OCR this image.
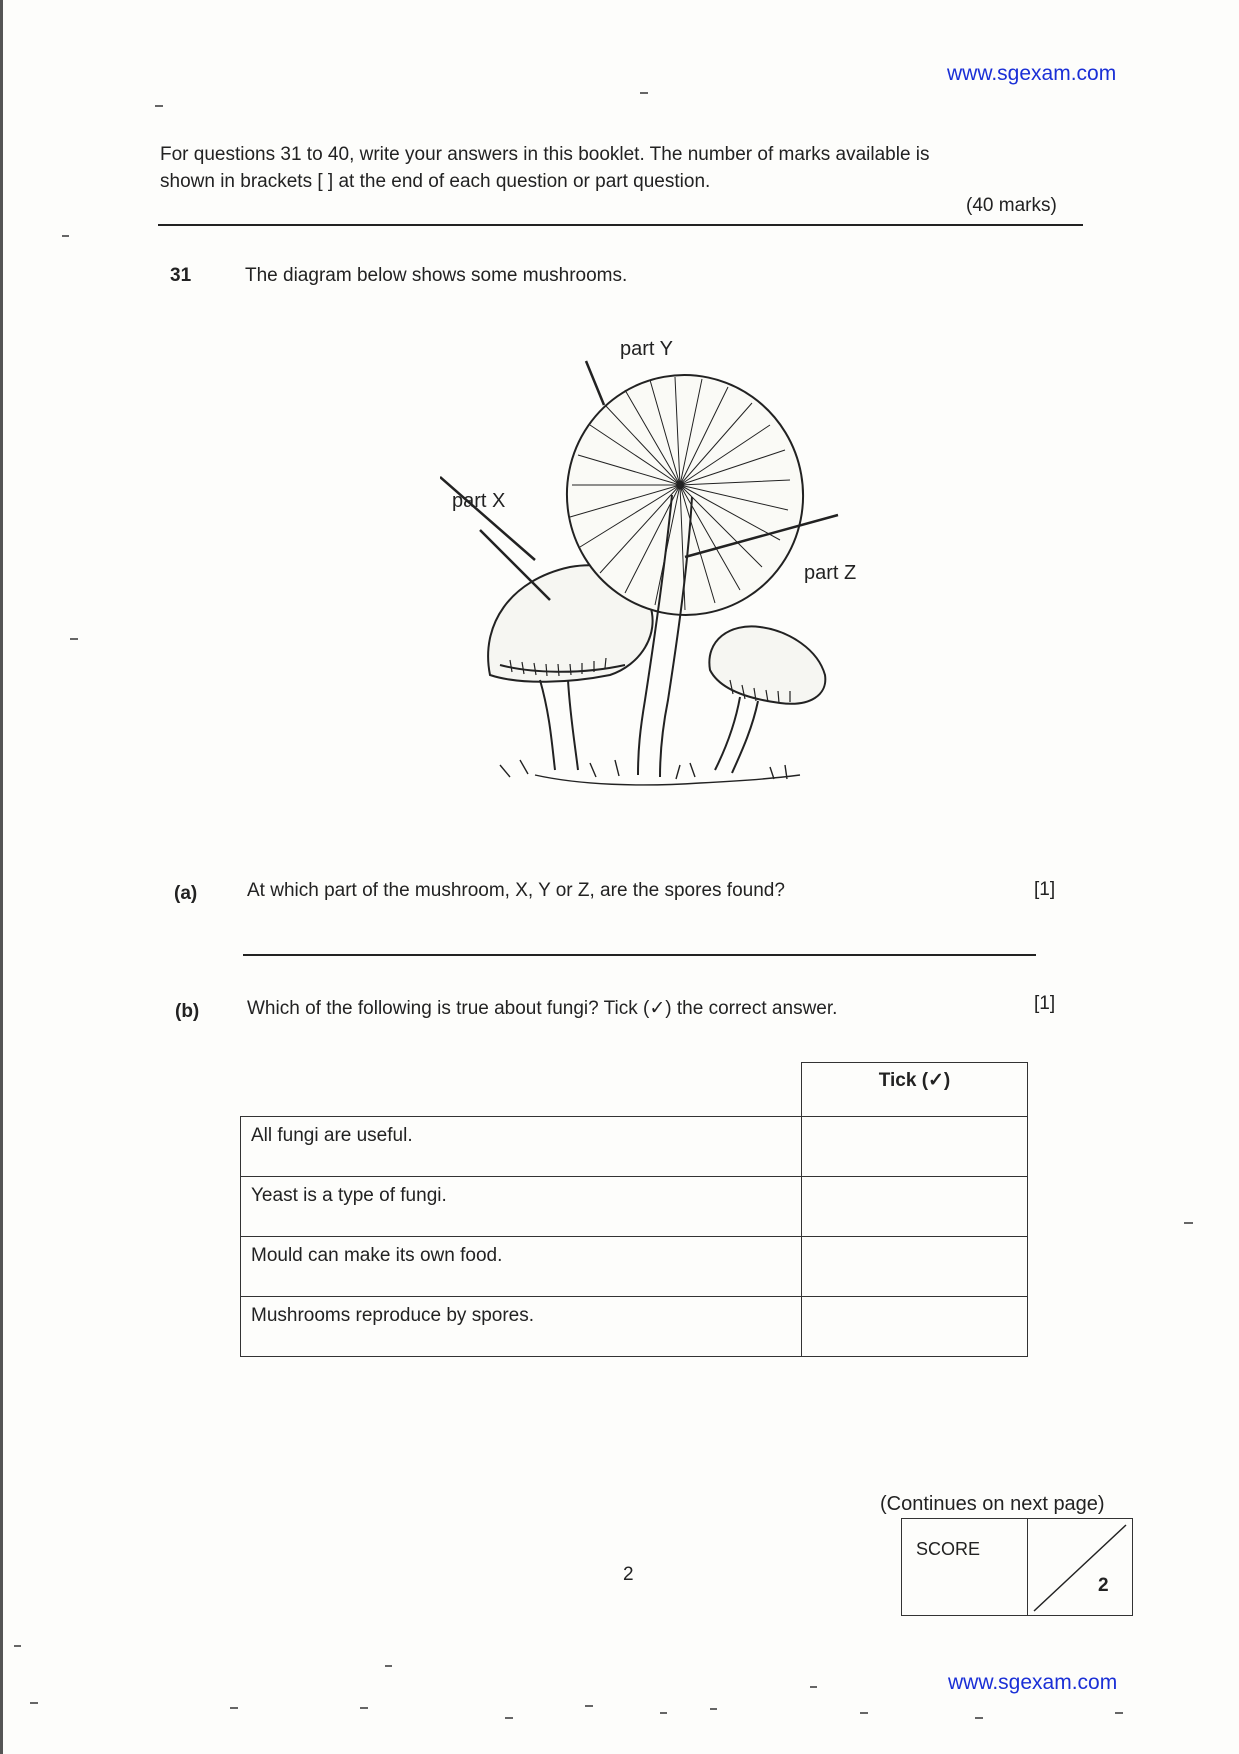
www.sgexam.com
For questions 31 to 40, write your answers in this booklet. The number of marks available is
shown in brackets [ ] at the end of each question or part question.
(40 marks)
31	The diagram below shows some mushrooms.
part Y
part X
part Z
(a)	At which part of the mushroom, X, Y or Z, are the spores found?	[1]
(b)	Which of the following is true about fungi? Tick (✓) the correct answer.	[1]
	Tick (✓)
All fungi are useful.	
Yeast is a type of fungi.	
Mould can make its own food.	
Mushrooms reproduce by spores.	
(Continues on next page)
2
SCORE
2
www.sgexam.com
